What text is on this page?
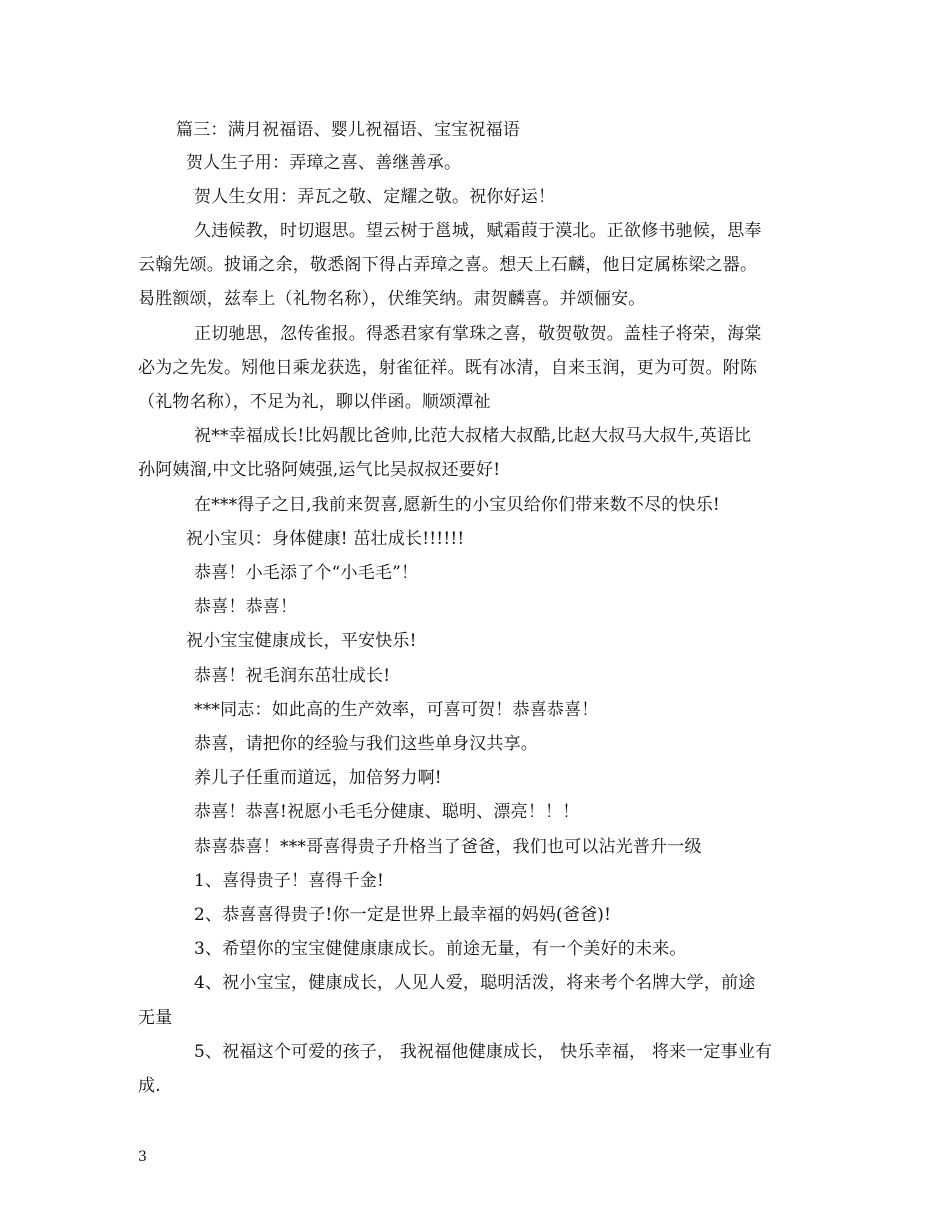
篇三：满月祝福语、婴儿祝福语、宝宝祝福语
贺人生子用：弄璋之喜、善继善承。
贺人生女用：弄瓦之敬、定耀之敬。祝你好运！
久违候教，时切遐思。望云树于邕城，赋霜葭于漠北。正欲修书驰候，思奉
云翰先颂。披诵之余，敬悉阁下得占弄璋之喜。想天上石麟，他日定属栋梁之器。
曷胜额颂，兹奉上（礼物名称），伏维笑纳。肃贺麟喜。并颂俪安。
正切驰思，忽传雀报。得悉君家有掌珠之喜，敬贺敬贺。盖桂子将荣，海棠
必为之先发。矧他日乘龙获选，射雀征祥。既有冰清，自来玉润，更为可贺。附陈
（礼物名称），不足为礼，聊以伴函。顺颂潭祉
祝**幸福成长!比妈靓比爸帅,比范大叔楮大叔酷,比赵大叔马大叔牛,英语比
孙阿姨溜,中文比骆阿姨强,运气比吴叔叔还要好!
在***得子之日,我前来贺喜,愿新生的小宝贝给你们带来数不尽的快乐!
祝小宝贝：身体健康! 茁壮成长!!!!!!
恭喜！小毛添了个“小毛毛”！
恭喜！恭喜！
祝小宝宝健康成长，平安快乐!
恭喜！祝毛润东茁壮成长!
***同志：如此高的生产效率，可喜可贺！恭喜恭喜！
恭喜，请把你的经验与我们这些单身汉共享。
养儿子任重而道远，加倍努力啊!
恭喜！恭喜!祝愿小毛毛分健康、聪明、漂亮！！！
恭喜恭喜！***哥喜得贵子升格当了爸爸，我们也可以沾光普升一级
1、喜得贵子！喜得千金!
2、恭喜喜得贵子!你一定是世界上最幸福的妈妈(爸爸)!
3、希望你的宝宝健健康康成长。前途无量，有一个美好的未来。
4、祝小宝宝，健康成长，人见人爱，聪明活泼，将来考个名牌大学，前途
无量
5、祝福这个可爱的孩子， 我祝福他健康成长， 快乐幸福， 将来一定事业有
成.
3
